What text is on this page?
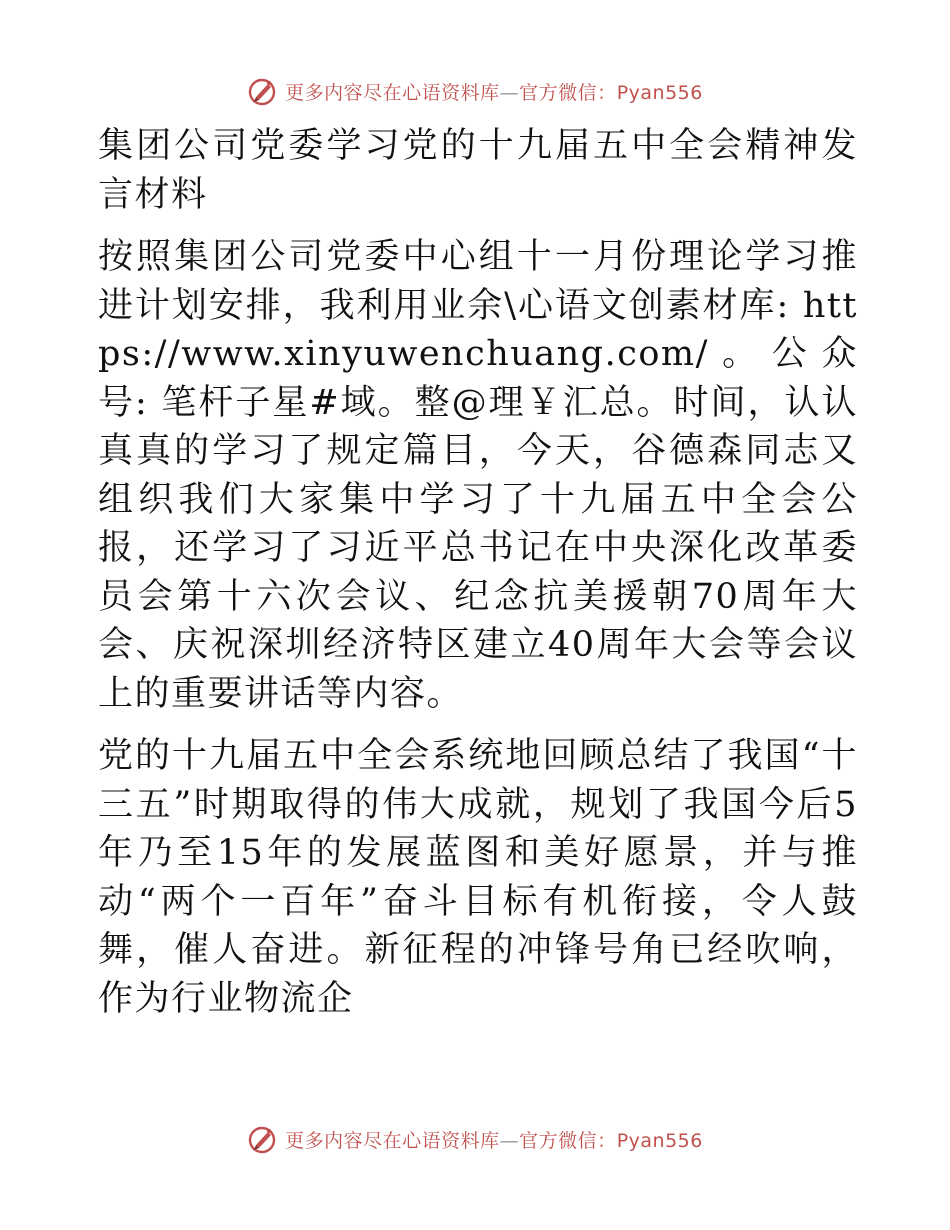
更多内容尽在心语资料库—官方微信：Pyan556

集团公司党委学习党的十九届五中全会精神发言材料

按照集团公司党委中心组十一月份理论学习推进计划安排，我利用业余\心语文创素材库: https://www.xinyuwenchuang.com/。公众号: 笔杆子星#域。整@理￥汇总。时间，认认真真的学习了规定篇目，今天，谷德森同志又组织我们大家集中学习了十九届五中全会公报，还学习了习近平总书记在中央深化改革委员会第十六次会议、纪念抗美援朝70周年大会、庆祝深圳经济特区建立40周年大会等会议上的重要讲话等内容。

党的十九届五中全会系统地回顾总结了我国“十三五”时期取得的伟大成就，规划了我国今后5年乃至15年的发展蓝图和美好愿景，并与推动“两个一百年”奋斗目标有机衔接，令人鼓舞，催人奋进。新征程的冲锋号角已经吹响，作为行业物流企

更多内容尽在心语资料库—官方微信：Pyan556
